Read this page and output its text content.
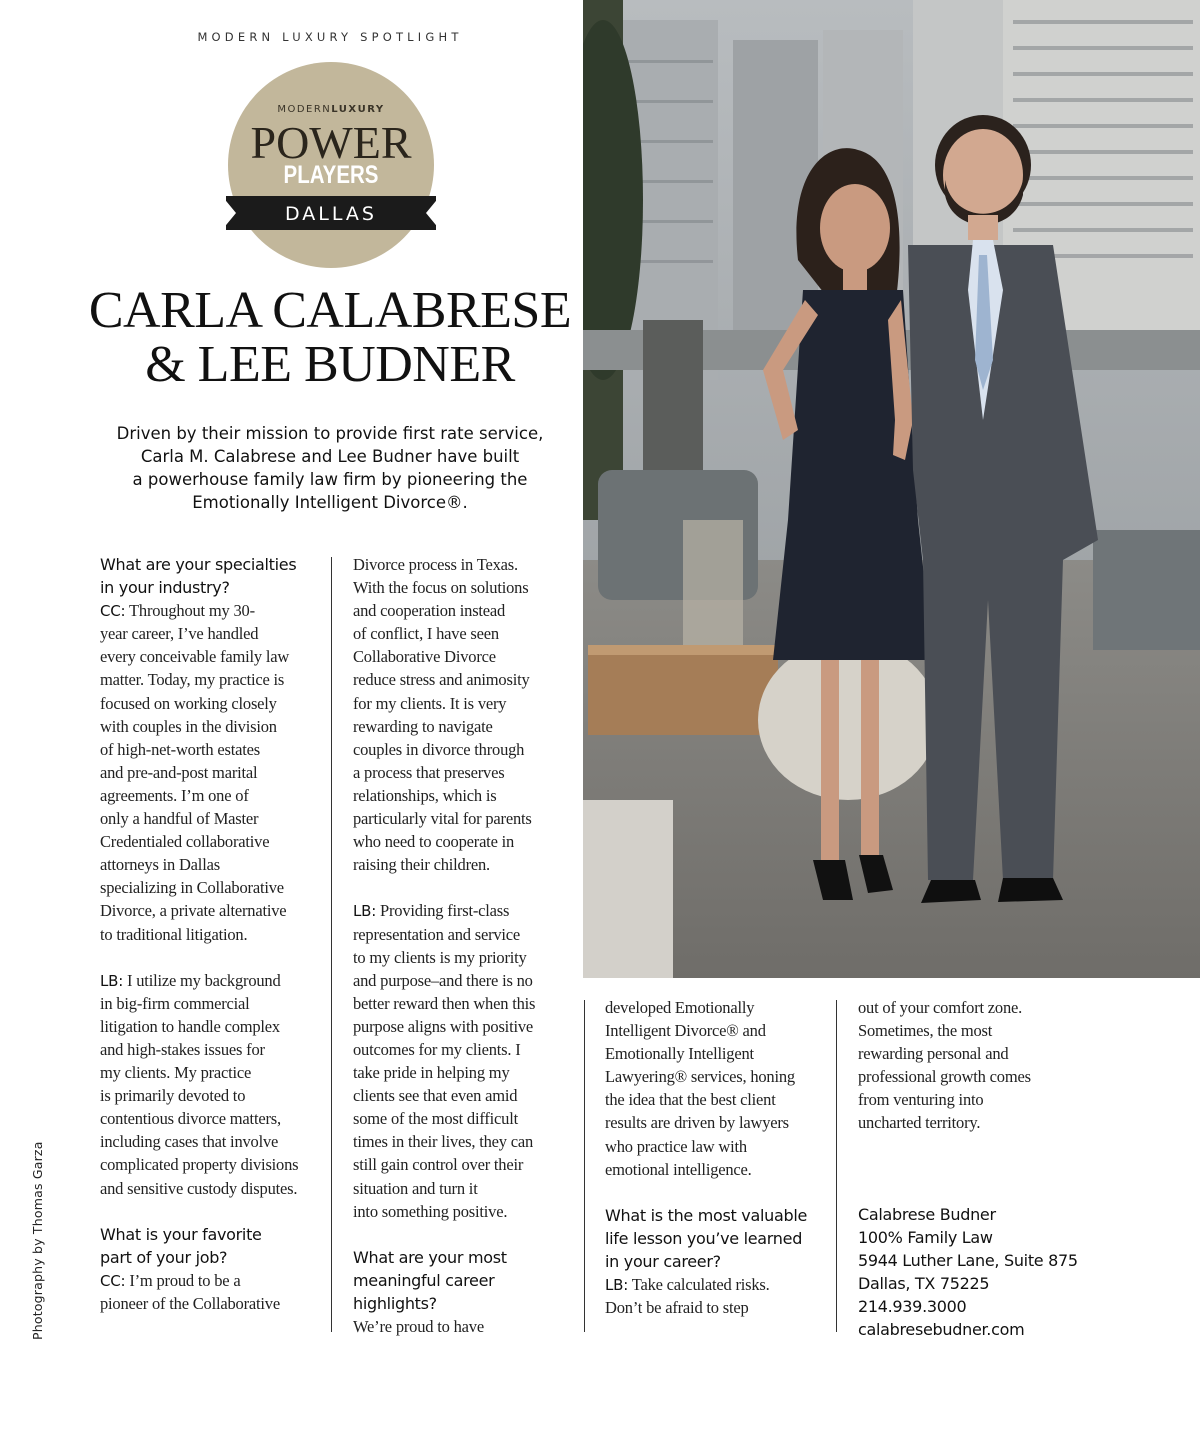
MODERN LUXURY SPOTLIGHT
MODERNLUXURY
POWER
PLAYERS
DALLAS
CARLA CALABRESE
& LEE BUDNER
Driven by their mission to provide first rate service,
Carla M. Calabrese and Lee Budner have built
a powerhouse family law firm by pioneering the
Emotionally Intelligent Divorce®.
What are your specialties
in your industry?
CC: Throughout my 30-
year career, I’ve handled
every conceivable family law
matter. Today, my practice is
focused on working closely
with couples in the division
of high-net-worth estates
and pre-and-post marital
agreements. I’m one of
only a handful of Master
Credentialed collaborative
attorneys in Dallas
specializing in Collaborative
Divorce, a private alternative
to traditional litigation.
LB: I utilize my background
in big-firm commercial
litigation to handle complex
and high-stakes issues for
my clients. My practice
is primarily devoted to
contentious divorce matters,
including cases that involve
complicated property divisions
and sensitive custody disputes.
What is your favorite
part of your job?
CC: I’m proud to be a
pioneer of the Collaborative
Divorce process in Texas.
With the focus on solutions
and cooperation instead
of conflict, I have seen
Collaborative Divorce
reduce stress and animosity
for my clients. It is very
rewarding to navigate
couples in divorce through
a process that preserves
relationships, which is
particularly vital for parents
who need to cooperate in
raising their children.
LB: Providing first-class
representation and service
to my clients is my priority
and purpose–and there is no
better reward then when this
purpose aligns with positive
outcomes for my clients. I
take pride in helping my
clients see that even amid
some of the most difficult
times in their lives, they can
still gain control over their
situation and turn it
into something positive.
What are your most
meaningful career
highlights?
We’re proud to have
developed Emotionally
Intelligent Divorce® and
Emotionally Intelligent
Lawyering® services, honing
the idea that the best client
results are driven by lawyers
who practice law with
emotional intelligence.
What is the most valuable
life lesson you’ve learned
in your career?
LB: Take calculated risks.
Don’t be afraid to step
out of your comfort zone.
Sometimes, the most
rewarding personal and
professional growth comes
from venturing into
uncharted territory.
Calabrese Budner
100% Family Law
5944 Luther Lane, Suite 875
Dallas, TX 75225
214.939.3000
calabresebudner.com
Photography by Thomas Garza
